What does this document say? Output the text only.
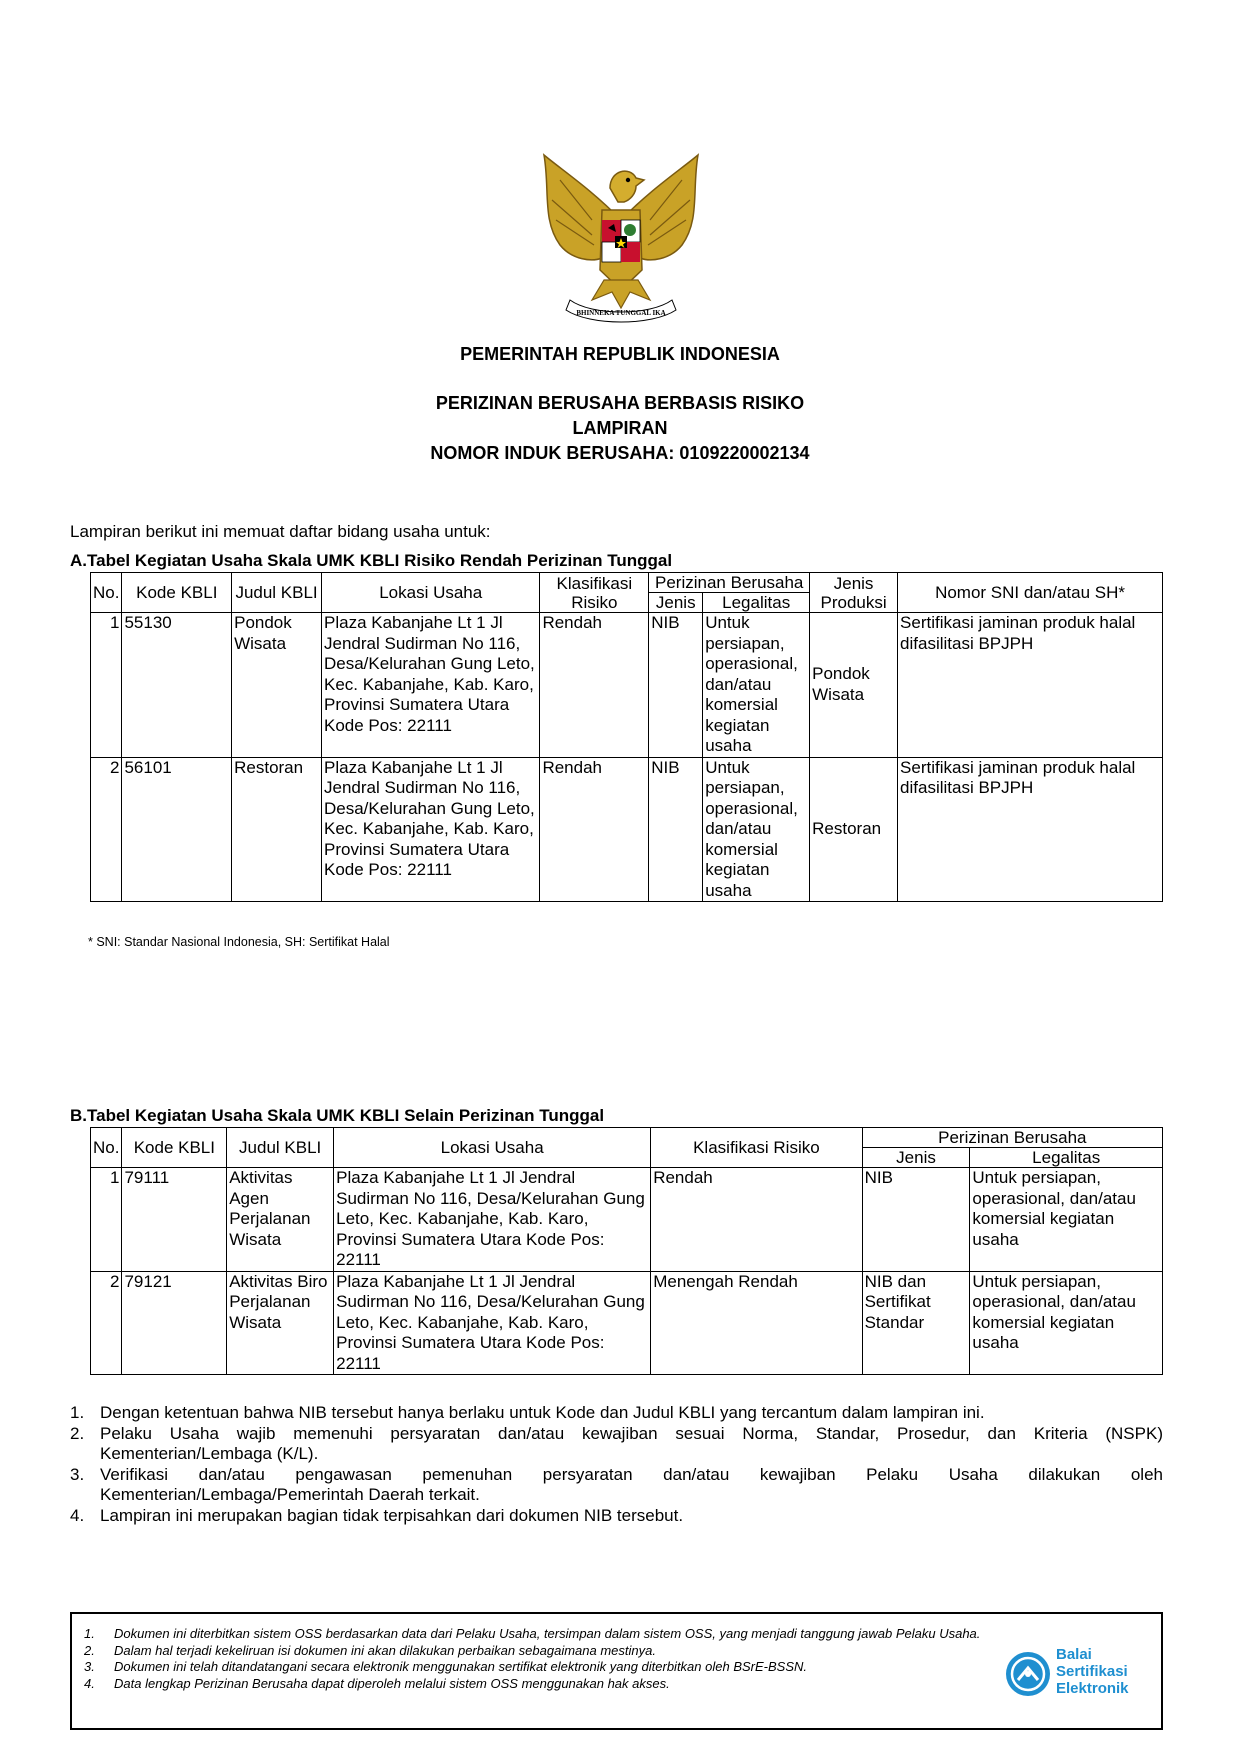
BHINNEKA TUNGGAL IKA
PEMERINTAH REPUBLIK INDONESIA
PERIZINAN BERUSAHA BERBASIS RISIKO
LAMPIRAN
NOMOR INDUK BERUSAHA: 0109220002134
Lampiran berikut ini memuat daftar bidang usaha untuk:
A.Tabel Kegiatan Usaha Skala UMK KBLI Risiko Rendah Perizinan Tunggal
No.	Kode KBLI	Judul KBLI	Lokasi Usaha	Klasifikasi Risiko	Perizinan Berusaha		Jenis Produksi	Nomor SNI dan/atau SH*
					Jenis	Legalitas		
1	55130	Pondok Wisata	Plaza Kabanjahe Lt 1 Jl Jendral Sudirman No 116, Desa/Kelurahan Gung Leto, Kec. Kabanjahe, Kab. Karo, Provinsi Sumatera Utara Kode Pos: 22111	Rendah	NIB	Untuk persiapan, operasional, dan/atau komersial kegiatan usaha	Pondok Wisata	Sertifikasi jaminan produk halal difasilitasi BPJPH
2	56101	Restoran	Plaza Kabanjahe Lt 1 Jl Jendral Sudirman No 116, Desa/Kelurahan Gung Leto, Kec. Kabanjahe, Kab. Karo, Provinsi Sumatera Utara Kode Pos: 22111	Rendah	NIB	Untuk persiapan, operasional, dan/atau komersial kegiatan usaha	Restoran	Sertifikasi jaminan produk halal difasilitasi BPJPH
* SNI: Standar Nasional Indonesia, SH: Sertifikat Halal
B.Tabel Kegiatan Usaha Skala UMK KBLI Selain Perizinan Tunggal
No.	Kode KBLI	Judul KBLI	Lokasi Usaha	Klasifikasi Risiko	Perizinan Berusaha	
					Jenis	Legalitas
1	79111	Aktivitas Agen Perjalanan Wisata	Plaza Kabanjahe Lt 1 Jl Jendral Sudirman No 116, Desa/Kelurahan Gung Leto, Kec. Kabanjahe, Kab. Karo, Provinsi Sumatera Utara Kode Pos: 22111	Rendah	NIB	Untuk persiapan, operasional, dan/atau komersial kegiatan usaha
2	79121	Aktivitas Biro Perjalanan Wisata	Plaza Kabanjahe Lt 1 Jl Jendral Sudirman No 116, Desa/Kelurahan Gung Leto, Kec. Kabanjahe, Kab. Karo, Provinsi Sumatera Utara Kode Pos: 22111	Menengah Rendah	NIB dan Sertifikat Standar	Untuk persiapan, operasional, dan/atau komersial kegiatan usaha
1. Dengan ketentuan bahwa NIB tersebut hanya berlaku untuk Kode dan Judul KBLI yang tercantum dalam lampiran ini.
2. Pelaku Usaha wajib memenuhi persyaratan dan/atau kewajiban sesuai Norma, Standar, Prosedur, dan Kriteria (NSPK) Kementerian/Lembaga (K/L).
3. Verifikasi dan/atau pengawasan pemenuhan persyaratan dan/atau kewajiban Pelaku Usaha dilakukan oleh Kementerian/Lembaga/Pemerintah Daerah terkait.
4. Lampiran ini merupakan bagian tidak terpisahkan dari dokumen NIB tersebut.
1.	Dokumen ini diterbitkan sistem OSS berdasarkan data dari Pelaku Usaha, tersimpan dalam sistem OSS, yang menjadi tanggung jawab Pelaku Usaha.
2.	Dalam hal terjadi kekeliruan isi dokumen ini akan dilakukan perbaikan sebagaimana mestinya.
3.	Dokumen ini telah ditandatangani secara elektronik menggunakan sertifikat elektronik yang diterbitkan oleh BSrE-BSSN.
4.	Data lengkap Perizinan Berusaha dapat diperoleh melalui sistem OSS menggunakan hak akses.
Balai
Sertifikasi
Elektronik
